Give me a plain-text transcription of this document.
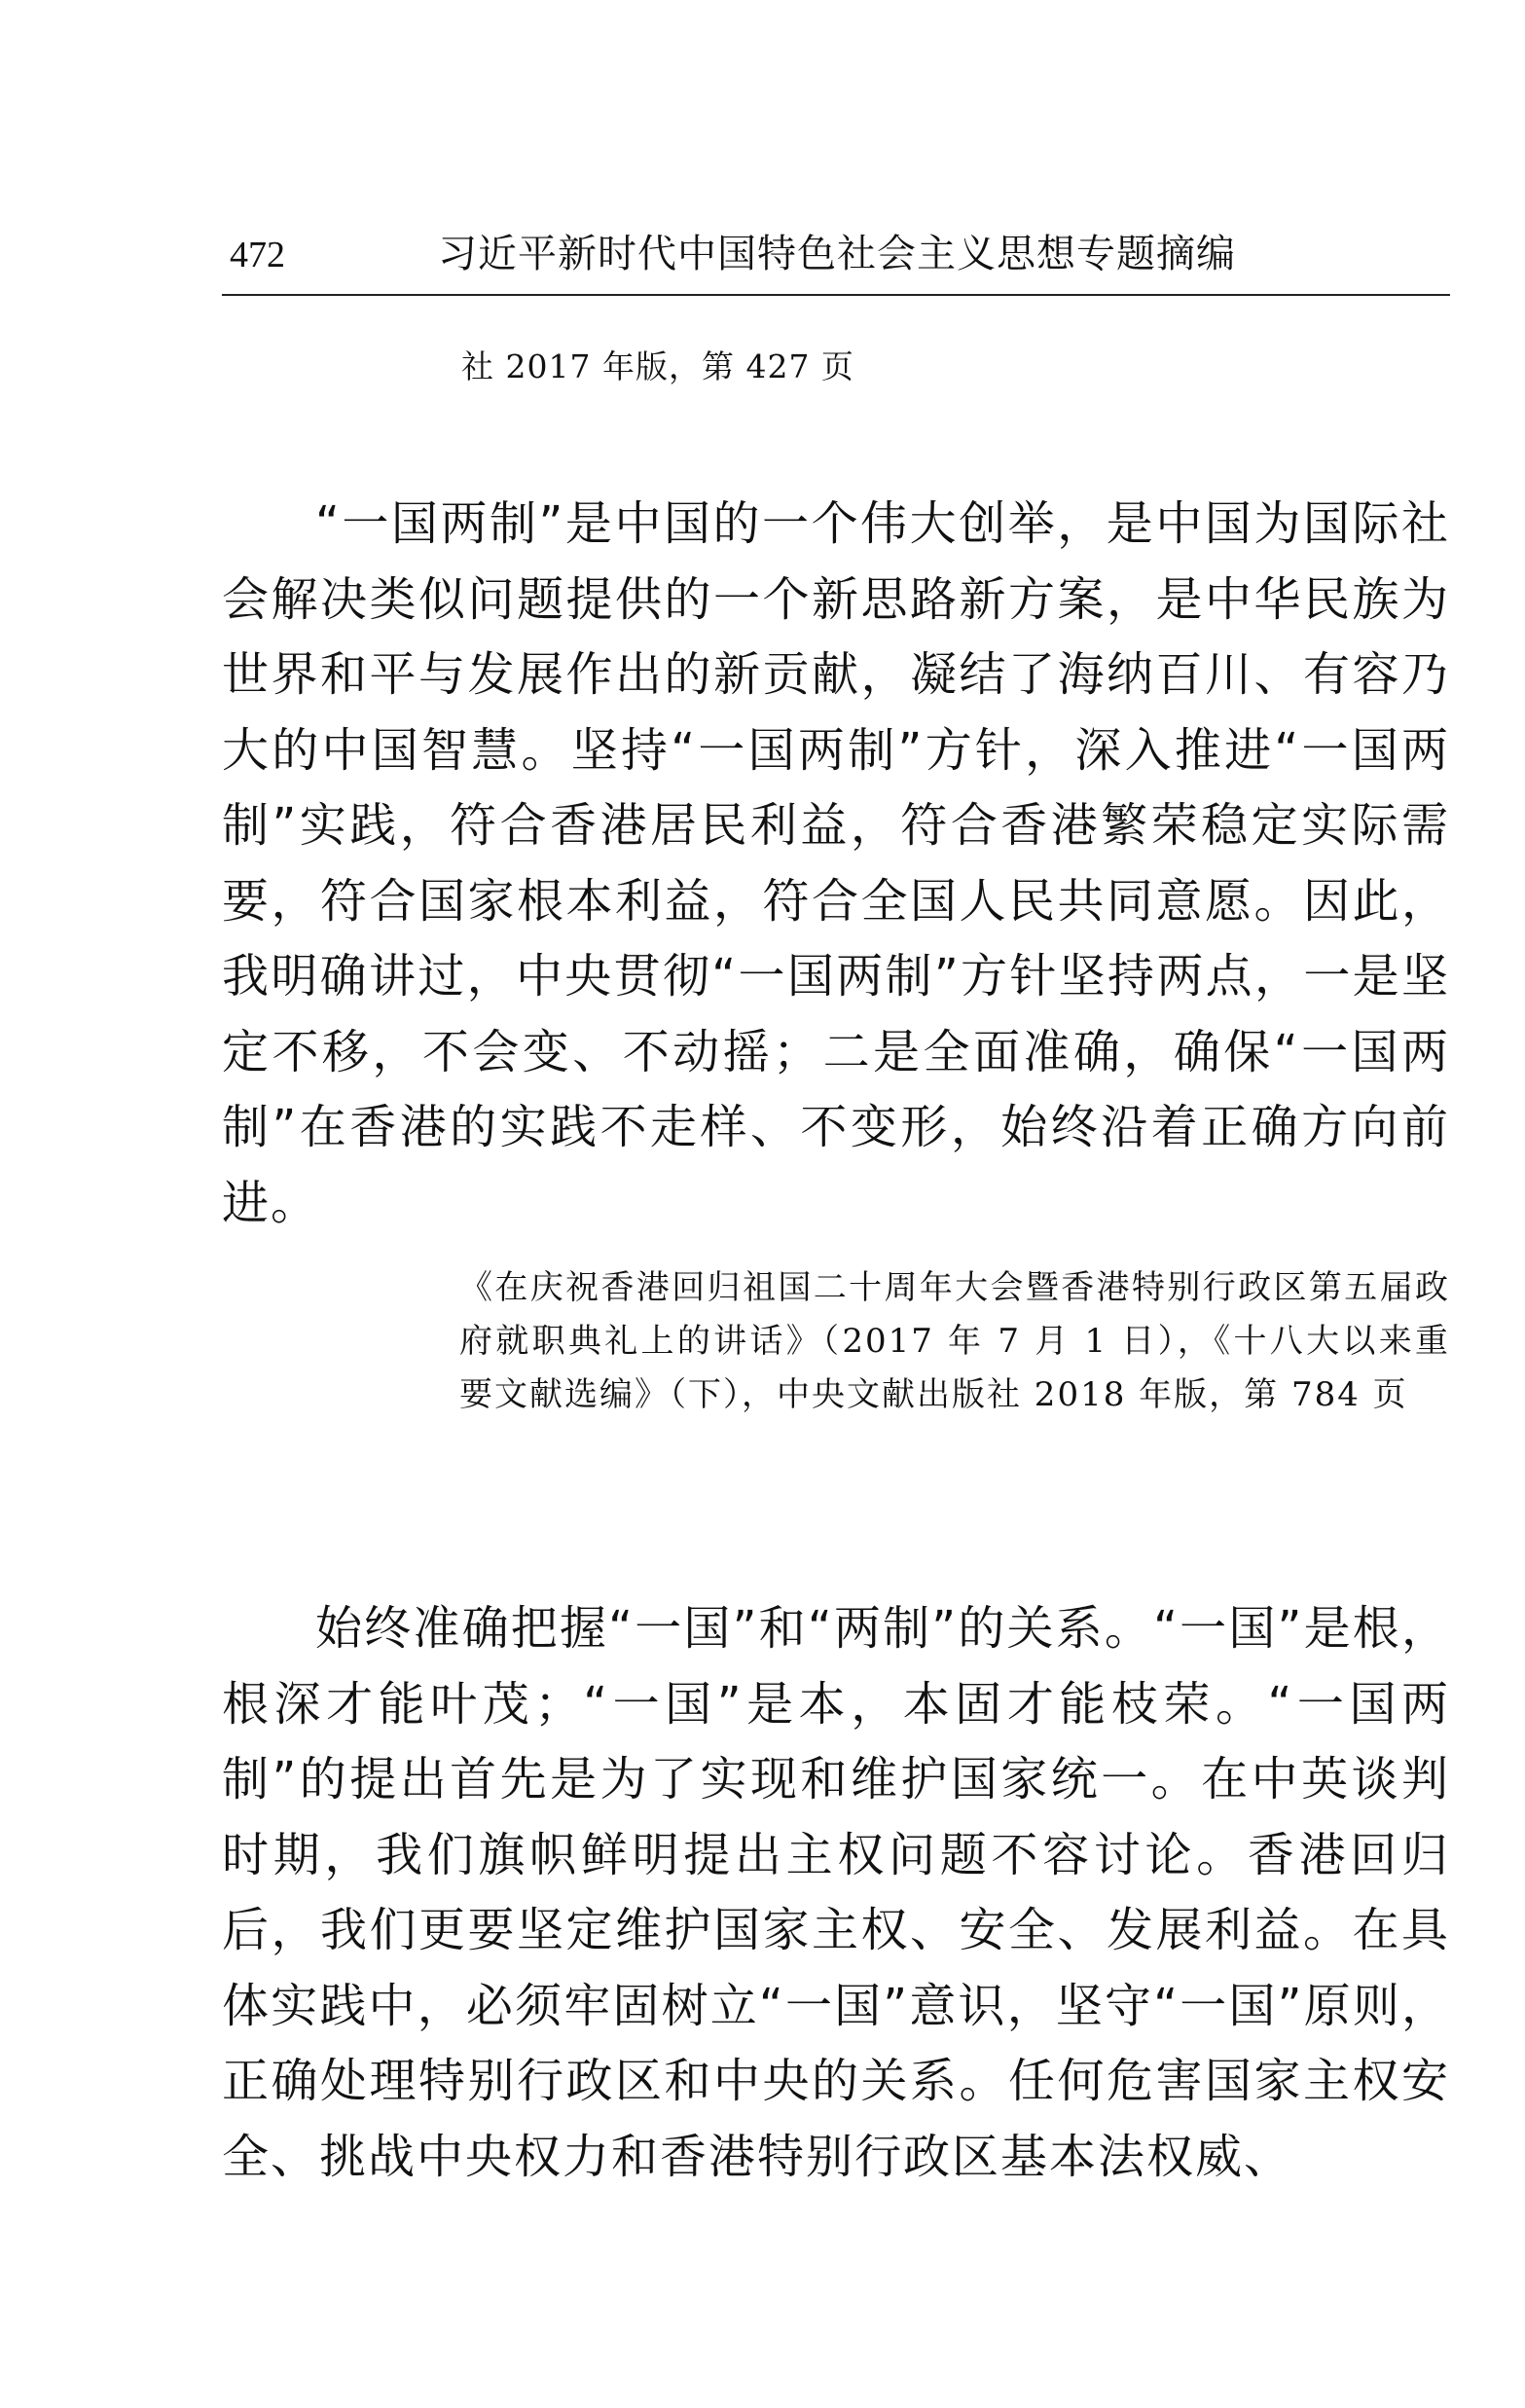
472	习近平新时代中国特色社会主义思想专题摘编
社 2017 年版，第 427 页

“一国两制”是中国的一个伟大创举，是中国为国际社会解决类似问题提供的一个新思路新方案，是中华民族为世界和平与发展作出的新贡献，凝结了海纳百川、有容乃大的中国智慧。坚持“一国两制”方针，深入推进“一国两制”实践，符合香港居民利益，符合香港繁荣稳定实际需要，符合国家根本利益，符合全国人民共同意愿。因此，我明确讲过，中央贯彻“一国两制”方针坚持两点，一是坚定不移，不会变、不动摇；二是全面准确，确保“一国两制”在香港的实践不走样、不变形，始终沿着正确方向前进。

《在庆祝香港回归祖国二十周年大会暨香港特别行政区第五届政府就职典礼上的讲话》（2017 年 7 月 1 日），《十八大以来重要文献选编》（下），中央文献出版社 2018 年版，第 784 页

始终准确把握“一国”和“两制”的关系。“一国”是根，根深才能叶茂；“一国”是本，本固才能枝荣。“一国两制”的提出首先是为了实现和维护国家统一。在中英谈判时期，我们旗帜鲜明提出主权问题不容讨论。香港回归后，我们更要坚定维护国家主权、安全、发展利益。在具体实践中，必须牢固树立“一国”意识，坚守“一国”原则，正确处理特别行政区和中央的关系。任何危害国家主权安全、挑战中央权力和香港特别行政区基本法权威、
